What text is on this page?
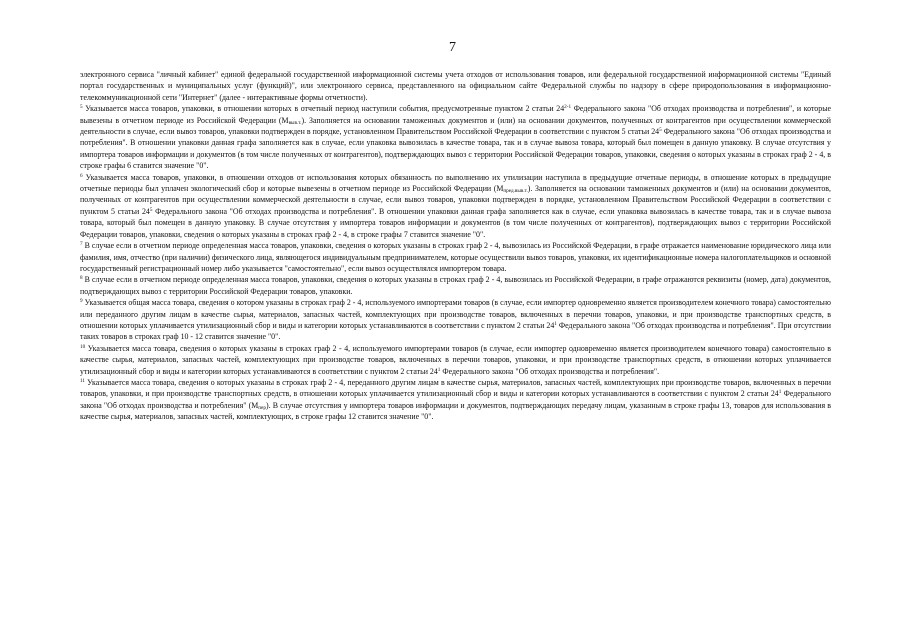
7

электронного сервиса "личный кабинет" единой федеральной государственной информационной системы учета отходов от использования товаров, или федеральной государственной информационной системы "Единый портал государственных и муниципальных услуг (функций)", или электронного сервиса, представленного на официальном сайте Федеральной службы по надзору в сфере природопользования в информационно-телекоммуникационной сети "Интернет" (далее - интерактивные формы отчетности).

$^5$ Указывается масса товаров, упаковки, в отношении которых в отчетный период наступили события, предусмотренные пунктом 2 статьи 24$^{2-1}$ Федерального закона "Об отходах производства и потребления", и которые вывезены в отчетном периоде из Российской Федерации $(М_{выв.т.})$. Заполняется на основании таможенных документов и (или) на основании документов, полученных от контрагентов при осуществлении коммерческой деятельности в случае, если вывоз товаров, упаковки подтвержден в порядке, установленном Правительством Российской Федерации в соответствии с пунктом 5 статьи $24^5$ Федерального закона "Об отходах производства и потребления". В отношении упаковки данная графа заполняется как в случае, если упаковка вывозилась в качестве товара, так и в случае вывоза товара, который был помещен в данную упаковку. В случае отсутствия у импортера товаров информации и документов (в том числе полученных от контрагентов), подтверждающих вывоз с территории Российской Федерации товаров, упаковки, сведения о которых указаны в строках граф 2 - 4, в строке графы 6 ставится значение "0".

$^6$ Указывается масса товаров, упаковки, в отношении отходов от использования которых обязанность по выполнению их утилизации наступила в предыдущие отчетные периоды, в отношение которых в предыдущие отчетные периоды был уплачен экологический сбор и которые вывезены в отчетном периоде из Российской Федерации $(М_{пред.выв.т.})$. Заполняется на основании таможенных документов и (или) на основании документов, полученных от контрагентов при осуществлении коммерческой деятельности в случае, если вывоз товаров, упаковки подтвержден в порядке, установленном Правительством Российской Федерации в соответствии с пунктом 5 статьи $24^5$ Федерального закона "Об отходах производства и потребления". В отношении упаковки данная графа заполняется как в случае, если упаковка вывозилась в качестве товара, так и в случае вывоза товара, который был помещен в данную упаковку. В случае отсутствия у импортера товаров информации и документов (в том числе полученных от контрагентов), подтверждающих вывоз с территории Российской Федерации товаров, упаковки, сведения о которых указаны в строках граф 2 - 4, в строке графы 7 ставится значение "0".

$^7$ В случае если в отчетном периоде определенная масса товаров, упаковки, сведения о которых указаны в строках граф 2 - 4, вывозилась из Российской Федерации, в графе отражается наименование юридического лица или фамилия, имя, отчество (при наличии) физического лица, являющегося индивидуальным предпринимателем, которые осуществили вывоз товаров, упаковки, их идентификационные номера налогоплательщиков и основной государственный регистрационный номер либо указывается "самостоятельно", если вывоз осуществлялся импортером товара.

$^8$ В случае если в отчетном периоде определенная масса товаров, упаковки, сведения о которых указаны в строках граф 2 - 4, вывозилась из Российской Федерации, в графе отражаются реквизиты (номер, дата) документов, подтверждающих вывоз с территории Российской Федерации товаров, упаковки.

$^9$ Указывается общая масса товара, сведения о котором указаны в строках граф 2 - 4, используемого импортерами товаров (в случае, если импортер одновременно является производителем конечного товара) самостоятельно или переданного другим лицам в качестве сырья, материалов, запасных частей, комплектующих при производстве товаров, включенных в перечни товаров, упаковки, и при производстве транспортных средств, в отношении которых уплачивается утилизационный сбор и виды и категории которых устанавливаются в соответствии с пунктом 2 статьи $24^1$ Федерального закона "Об отходах производства и потребления". При отсутствии таких товаров в строках граф 10 - 12 ставится значение "0".

$^{10}$ Указывается масса товара, сведения о которых указаны в строках граф 2 - 4, используемого импортерами товаров (в случае, если импортер одновременно является производителем конечного товара) самостоятельно в качестве сырья, материалов, запасных частей, комплектующих при производстве товаров, включенных в перечни товаров, упаковки, и при производстве транспортных средств, в отношении которых уплачивается утилизационный сбор и виды и категории которых устанавливаются в соответствии с пунктом 2 статьи $24^1$ Федерального закона "Об отходах производства и потребления".

$^{11}$ Указывается масса товара, сведения о которых указаны в строках граф 2 - 4, переданного другим лицам в качестве сырья, материалов, запасных частей, комплектующих при производстве товаров, включенных в перечни товаров, упаковки, и при производстве транспортных средств, в отношении которых уплачивается утилизационный сбор и виды и категории которых устанавливаются в соответствии с пунктом 2 статьи $24^1$ Федерального закона "Об отходах производства и потребления" $(М_{пер})$. В случае отсутствия у импортера товаров информации и документов, подтверждающих передачу лицам, указанным в строке графы 13, товаров для использования в качестве сырья, материалов, запасных частей, комплектующих, в строке графы 12 ставится значение "0".
